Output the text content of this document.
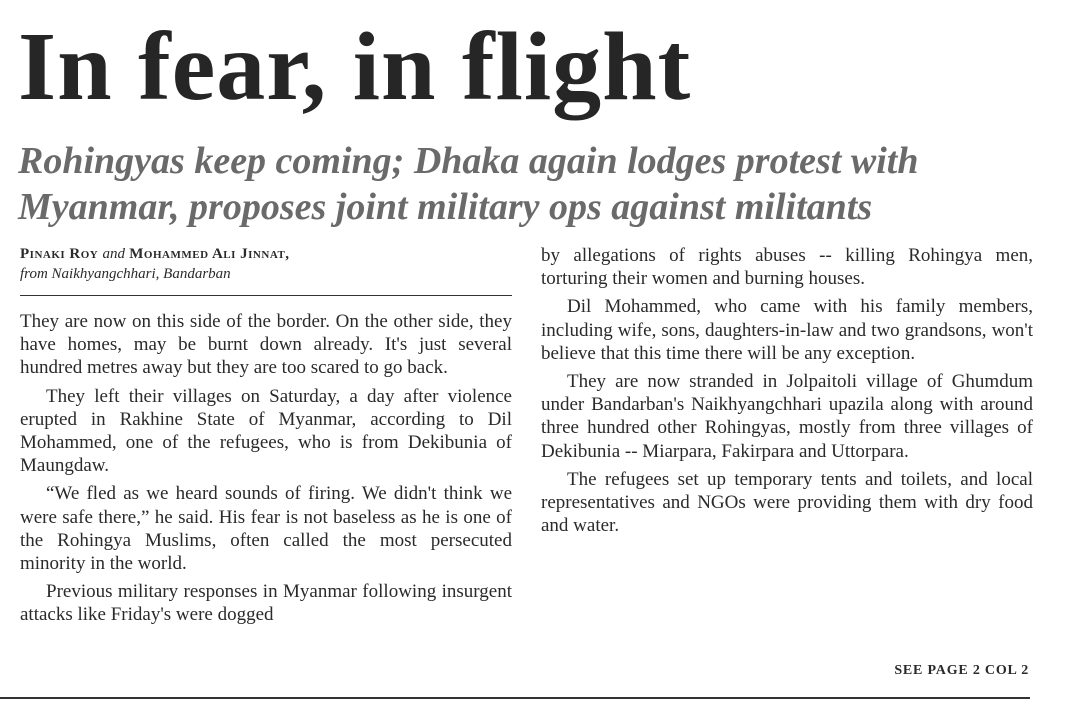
In fear, in flight
Rohingyas keep coming; Dhaka again lodges protest with Myanmar, proposes joint military ops against militants
Pinaki Roy and Mohammed Ali Jinnat,
from Naikhyangchhari, Bandarban

They are now on this side of the border. On the other side, they have homes, may be burnt down already. It's just several hundred metres away but they are too scared to go back.

They left their villages on Saturday, a day after violence erupted in Rakhine State of Myanmar, according to Dil Mohammed, one of the refugees, who is from Dekibunia of Maungdaw.

“We fled as we heard sounds of firing. We didn't think we were safe there,” he said. His fear is not baseless as he is one of the Rohingya Muslims, often called the most persecuted minority in the world.

Previous military responses in Myanmar following insurgent attacks like Friday's were dogged

by allegations of rights abuses -- killing Rohingya men, torturing their women and burning houses.

Dil Mohammed, who came with his family members, including wife, sons, daughters-in-law and two grandsons, won't believe that this time there will be any exception.

They are now stranded in Jolpaitoli village of Ghumdum under Bandarban's Naikhyangchhari upazila along with around three hundred other Rohingyas, mostly from three villages of Dekibunia -- Miarpara, Fakirpara and Uttorpara.

The refugees set up temporary tents and toilets, and local representatives and NGOs were providing them with dry food and water.

SEE PAGE 2 COL 2
